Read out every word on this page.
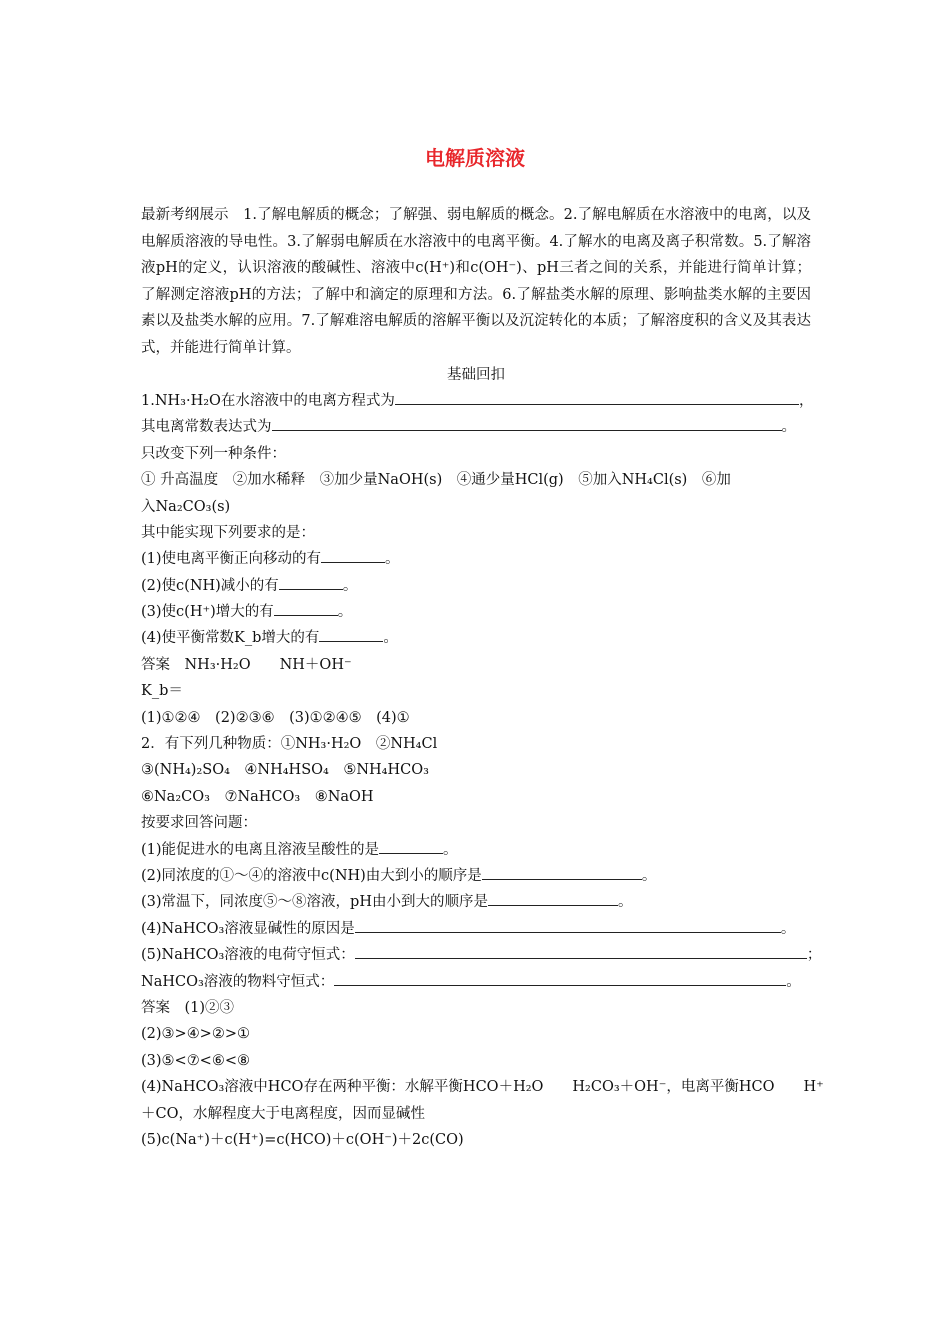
电解质溶液

最新考纲展示　1.了解电解质的概念；了解强、弱电解质的概念。2.了解电解质在水溶液中的电离，以及电解质溶液的导电性。3.了解弱电解质在水溶液中的电离平衡。4.了解水的电离及离子积常数。5.了解溶液pH的定义，认识溶液的酸碱性、溶液中c(H⁺)和c(OH⁻)、pH三者之间的关系，并能进行简单计算；了解测定溶液pH的方法；了解中和滴定的原理和方法。6.了解盐类水解的原理、影响盐类水解的主要因素以及盐类水解的应用。7.了解难溶电解质的溶解平衡以及沉淀转化的本质；了解溶度积的含义及其表达式，并能进行简单计算。

基础回扣
1.NH₃·H₂O在水溶液中的电离方程式为	，
其电离常数表达式为	。
只改变下列一种条件：
① 升高温度　②加水稀释　③加少量NaOH(s)　④通少量HCl(g)　⑤加入NH₄Cl(s)　⑥加
入Na₂CO₃(s)
其中能实现下列要求的是：
(1)使电离平衡正向移动的有	。
(2)使c(NH)减小的有	。
(3)使c(H⁺)增大的有	。
(4)使平衡常数K_b增大的有	。
答案　NH₃·H₂O　　NH＋OH⁻
K_b＝
(1)①②④　(2)②③⑥　(3)①②④⑤　(4)①
2．有下列几种物质：①NH₃·H₂O　②NH₄Cl
③(NH₄)₂SO₄　④NH₄HSO₄　⑤NH₄HCO₃
⑥Na₂CO₃　⑦NaHCO₃　⑧NaOH
按要求回答问题：
(1)能促进水的电离且溶液呈酸性的是	。
(2)同浓度的①～④的溶液中c(NH)由大到小的顺序是	。
(3)常温下，同浓度⑤～⑧溶液，pH由小到大的顺序是	。
(4)NaHCO₃溶液显碱性的原因是	。
(5)NaHCO₃溶液的电荷守恒式：	；
NaHCO₃溶液的物料守恒式：	。
答案　(1)②③
(2)③>④>②>①
(3)⑤<⑦<⑥<⑧
(4)NaHCO₃溶液中HCO存在两种平衡：水解平衡HCO＋H₂O　　H₂CO₃＋OH⁻，电离平衡HCO　　H⁺
＋CO，水解程度大于电离程度，因而显碱性
(5)c(Na⁺)＋c(H⁺)=c(HCO)＋c(OH⁻)＋2c(CO)
